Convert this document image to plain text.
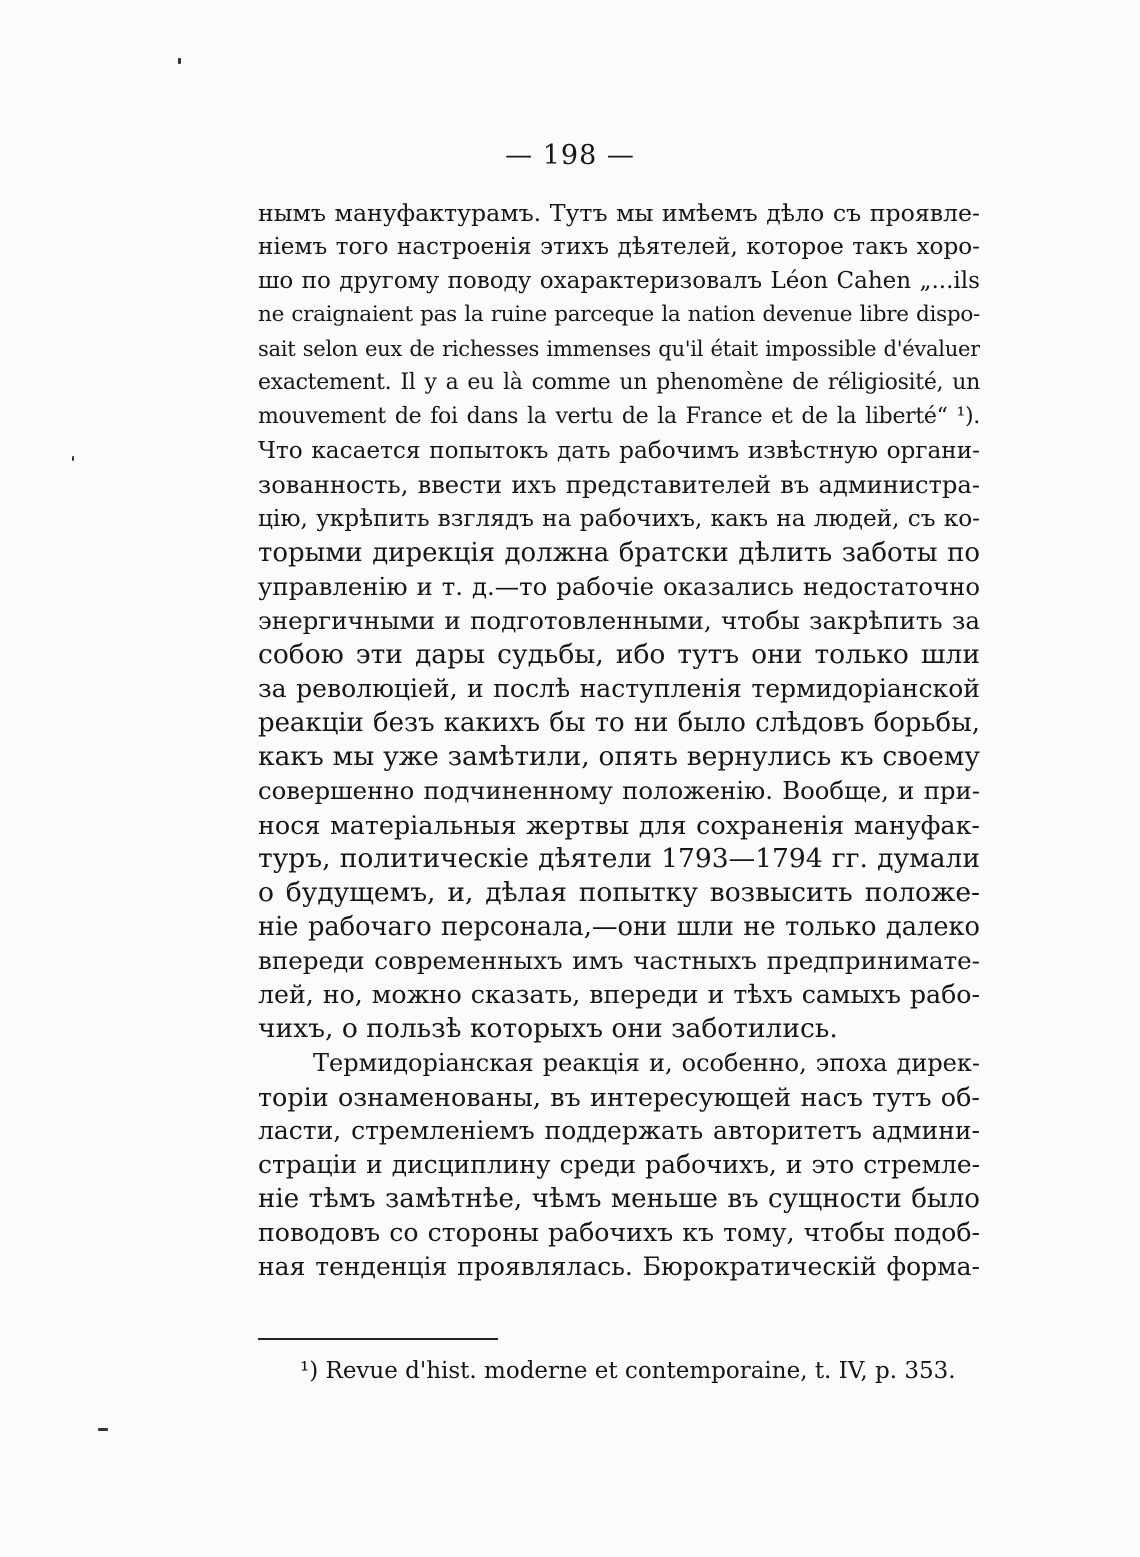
— 198 —
нымъ мануфактурамъ. Тутъ мы имѣемъ дѣло съ проявле-
ніемъ того настроенія этихъ дѣятелей, которое такъ хоро-
шо по другому поводу охарактеризовалъ Léon Cahen „...ils
ne craignaient pas la ruine parceque la nation devenue libre dispo-
sait selon eux de richesses immenses qu'il était impossible d'évaluer
exactement. Il y a eu là comme un phenomène de réligiosité, un
mouvement de foi dans la vertu de la France et de la liberté“ ¹).
Что касается попытокъ дать рабочимъ извѣстную органи-
зованность, ввести ихъ представителей въ администра-
цію, укрѣпить взглядъ на рабочихъ, какъ на людей, съ ко-
торыми дирекція должна братски дѣлить заботы по
управленію и т. д.—то рабочіе оказались недостаточно
энергичными и подготовленными, чтобы закрѣпить за
собою эти дары судьбы, ибо тутъ они только шли
за революціей, и послѣ наступленія термидоріанской
реакціи безъ какихъ бы то ни было слѣдовъ борьбы,
какъ мы уже замѣтили, опять вернулись къ своему
совершенно подчиненному положенію. Вообще, и при-
нося матеріальныя жертвы для сохраненія мануфак-
туръ, политическіе дѣятели 1793—1794 гг. думали
о будущемъ, и, дѣлая попытку возвысить положе-
ніе рабочаго персонала,—они шли не только далеко
впереди современныхъ имъ частныхъ предпринимате-
лей, но, можно сказать, впереди и тѣхъ самыхъ рабо-
чихъ, о пользѣ которыхъ они заботились.
Термидоріанская реакція и, особенно, эпоха дирек-
торіи ознаменованы, въ интересующей насъ тутъ об-
ласти, стремленіемъ поддержать авторитетъ админи-
страціи и дисциплину среди рабочихъ, и это стремле-
ніе тѣмъ замѣтнѣе, чѣмъ меньше въ сущности было
поводовъ со стороны рабочихъ къ тому, чтобы подоб-
ная тенденція проявлялась. Бюрократическій форма-
¹) Revue d'hist. moderne et contemporaine, t. IV, p. 353.
